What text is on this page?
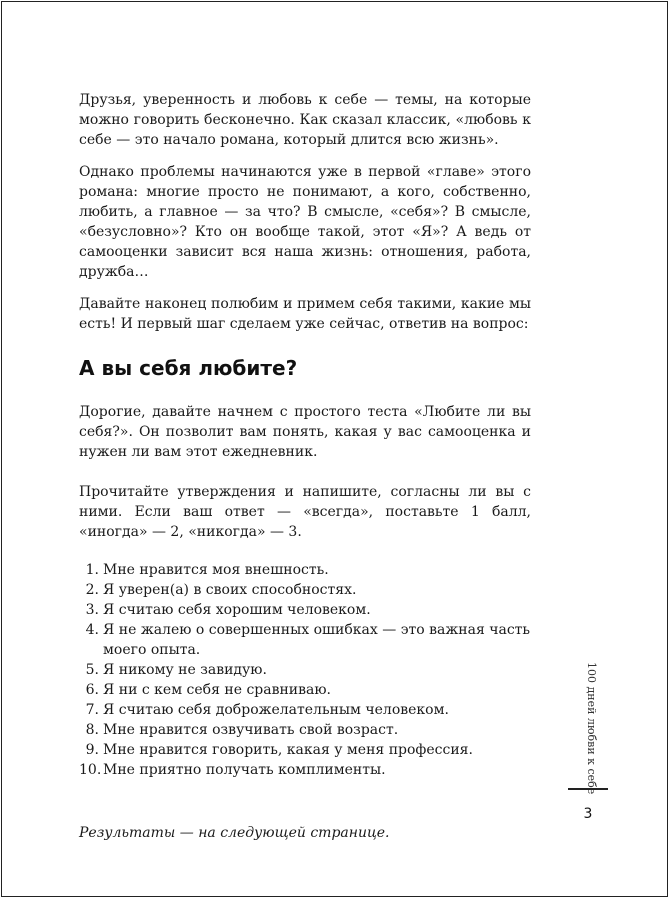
Друзья, уверенность и любовь к себе — темы, на которые можно говорить бесконечно. Как сказал классик, «любовь к себе — это начало романа, который длится всю жизнь».

Однако проблемы начинаются уже в первой «главе» этого романа: многие просто не понимают, а кого, собственно, любить, а главное — за что? В смысле, «себя»? В смысле, «безусловно»? Кто он вообще такой, этот «Я»? А ведь от самооценки зависит вся наша жизнь: отношения, работа, дружба…

Давайте наконец полюбим и примем себя такими, какие мы есть! И первый шаг сделаем уже сейчас, ответив на вопрос:

А вы себя любите?

Дорогие, давайте начнем с простого теста «Любите ли вы себя?». Он позволит вам понять, какая у вас самооценка и нужен ли вам этот ежедневник.

Прочитайте утверждения и напишите, согласны ли вы с ними. Если ваш ответ — «всегда», поставьте 1 балл, «иногда» — 2, «никогда» — 3.

1. Мне нравится моя внешность.
2. Я уверен(а) в своих способностях.
3. Я считаю себя хорошим человеком.
4. Я не жалею о совершенных ошибках — это важная часть моего опыта.
5. Я никому не завидую.
6. Я ни с кем себя не сравниваю.
7. Я считаю себя доброжелательным человеком.
8. Мне нравится озвучивать свой возраст.
9. Мне нравится говорить, какая у меня профессия.
10. Мне приятно получать комплименты.

Результаты — на следующей странице.

100 дней любви к себе
3
